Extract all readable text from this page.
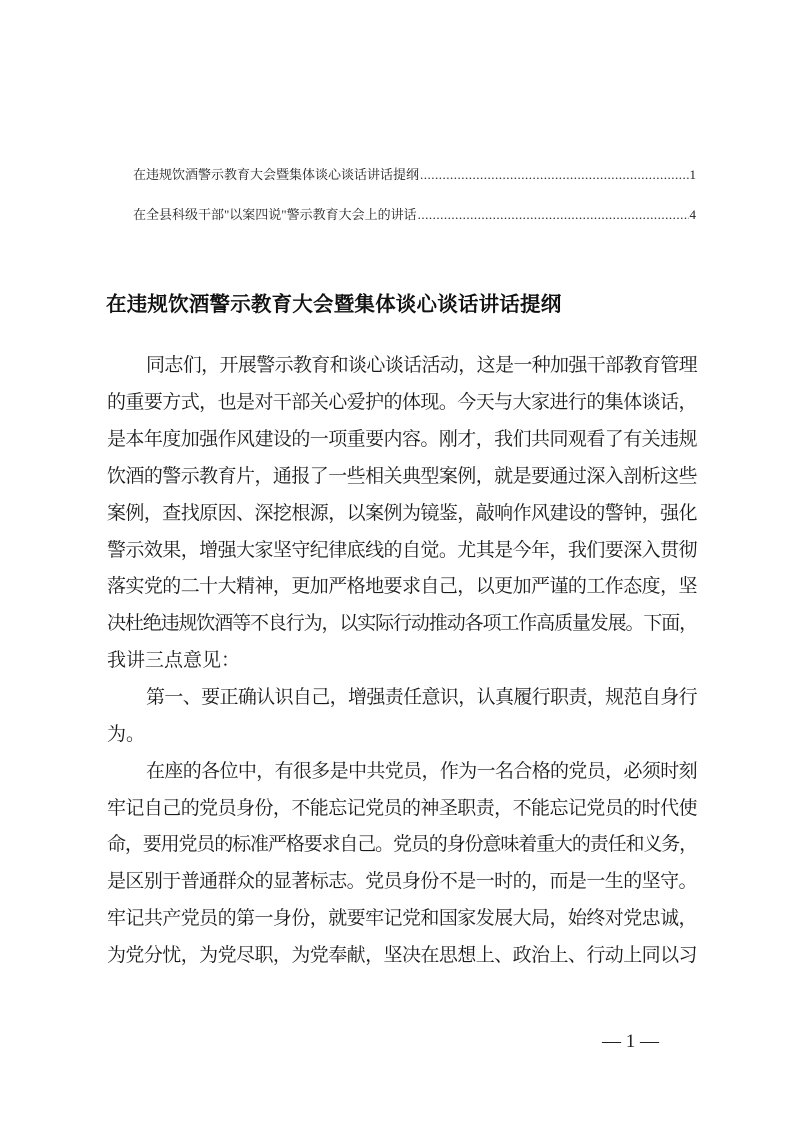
在违规饮酒警示教育大会暨集体谈心谈话讲话提纲 .....	1
在全县科级干部"以案四说"警示教育大会上的讲话 .....	4
在违规饮酒警示教育大会暨集体谈心谈话讲话提纲
同志们，开展警示教育和谈心谈话活动，这是一种加强干部教育管理
的重要方式，也是对干部关心爱护的体现。今天与大家进行的集体谈话，
是本年度加强作风建设的一项重要内容。刚才，我们共同观看了有关违规
饮酒的警示教育片，通报了一些相关典型案例，就是要通过深入剖析这些
案例，查找原因、深挖根源，以案例为镜鉴，敲响作风建设的警钟，强化
警示效果，增强大家坚守纪律底线的自觉。尤其是今年，我们要深入贯彻
落实党的二十大精神，更加严格地要求自己，以更加严谨的工作态度，坚
决杜绝违规饮酒等不良行为，以实际行动推动各项工作高质量发展。下面，
我讲三点意见：
第一、要正确认识自己，增强责任意识，认真履行职责，规范自身行
为。
在座的各位中，有很多是中共党员，作为一名合格的党员，必须时刻
牢记自己的党员身份，不能忘记党员的神圣职责，不能忘记党员的时代使
命，要用党员的标准严格要求自己。党员的身份意味着重大的责任和义务，
是区别于普通群众的显著标志。党员身份不是一时的，而是一生的坚守。
牢记共产党员的第一身份，就要牢记党和国家发展大局，始终对党忠诚，
为党分忧，为党尽职，为党奉献，坚决在思想上、政治上、行动上同以习
— 1 —
